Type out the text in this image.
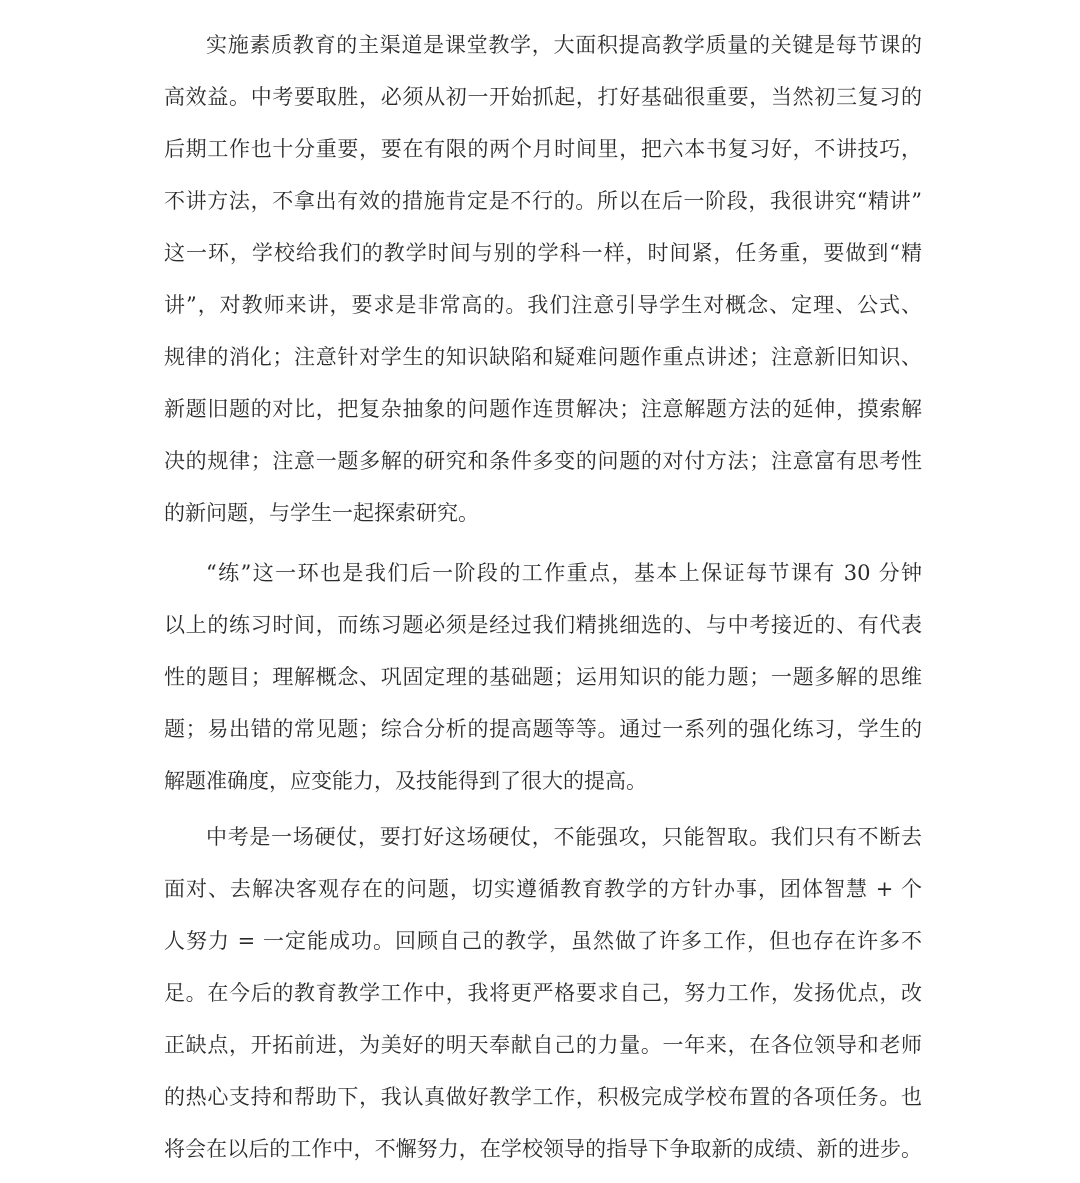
实施素质教育的主渠道是课堂教学，大面积提高教学质量的关键是每节课的
高效益。中考要取胜，必须从初一开始抓起，打好基础很重要，当然初三复习的
后期工作也十分重要，要在有限的两个月时间里，把六本书复习好，不讲技巧，
不讲方法，不拿出有效的措施肯定是不行的。所以在后一阶段，我很讲究“精讲”
这一环，学校给我们的教学时间与别的学科一样，时间紧，任务重，要做到“精
讲”，对教师来讲，要求是非常高的。我们注意引导学生对概念、定理、公式、
规律的消化；注意针对学生的知识缺陷和疑难问题作重点讲述；注意新旧知识、
新题旧题的对比，把复杂抽象的问题作连贯解决；注意解题方法的延伸，摸索解
决的规律；注意一题多解的研究和条件多变的问题的对付方法；注意富有思考性
的新问题，与学生一起探索研究。
“练”这一环也是我们后一阶段的工作重点，基本上保证每节课有 30 分钟
以上的练习时间，而练习题必须是经过我们精挑细选的、与中考接近的、有代表
性的题目；理解概念、巩固定理的基础题；运用知识的能力题；一题多解的思维
题；易出错的常见题；综合分析的提高题等等。通过一系列的强化练习，学生的
解题准确度，应变能力，及技能得到了很大的提高。
中考是一场硬仗，要打好这场硬仗，不能强攻，只能智取。我们只有不断去
面对、去解决客观存在的问题，切实遵循教育教学的方针办事，团体智慧 + 个
人努力 = 一定能成功。回顾自己的教学，虽然做了许多工作，但也存在许多不
足。在今后的教育教学工作中，我将更严格要求自己，努力工作，发扬优点，改
正缺点，开拓前进，为美好的明天奉献自己的力量。一年来，在各位领导和老师
的热心支持和帮助下，我认真做好教学工作，积极完成学校布置的各项任务。也
将会在以后的工作中，不懈努力，在学校领导的指导下争取新的成绩、新的进步。
